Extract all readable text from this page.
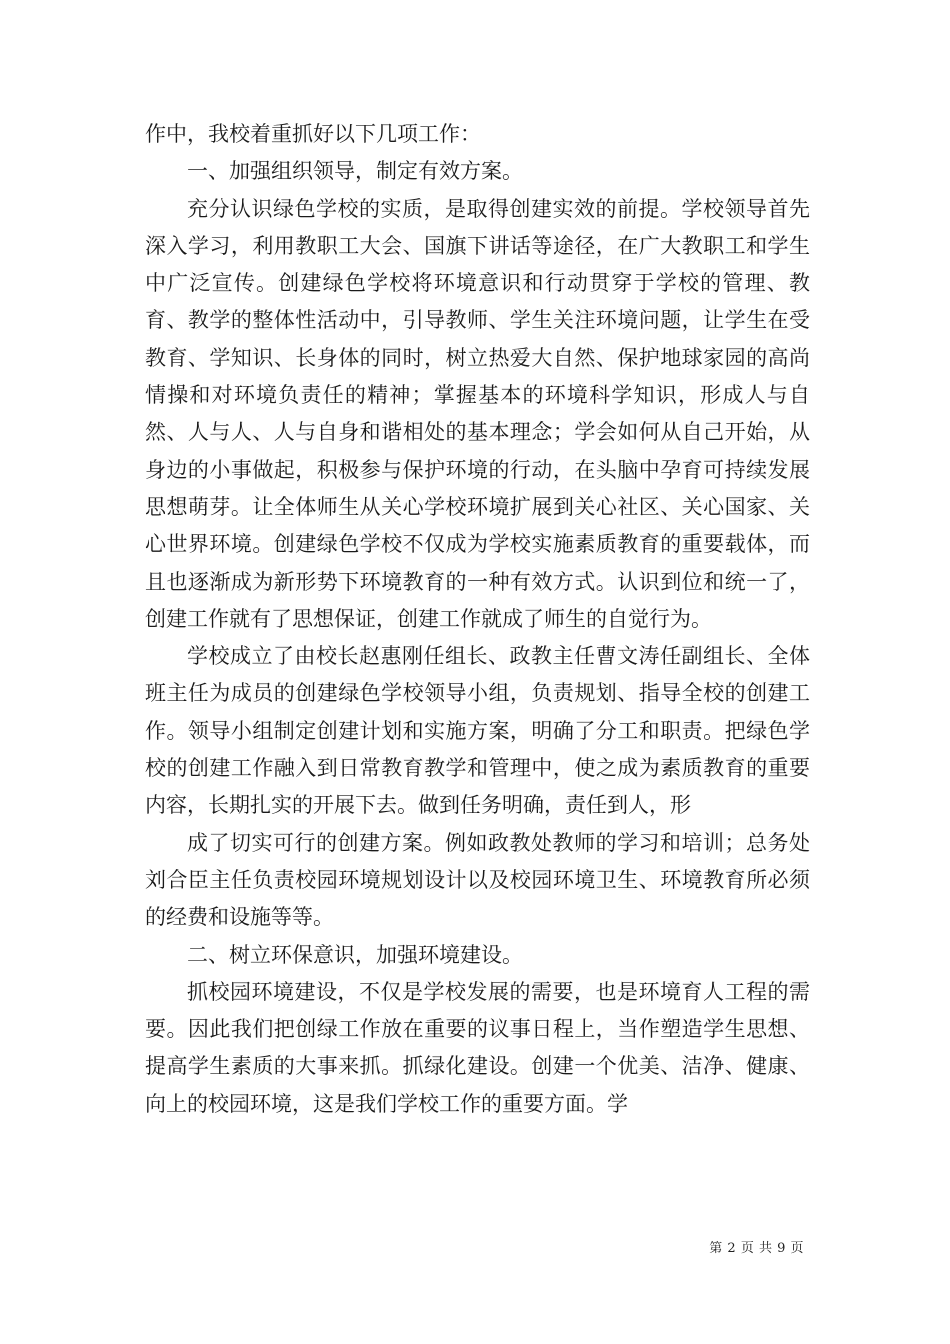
作中，我校着重抓好以下几项工作：

一、加强组织领导，制定有效方案。

充分认识绿色学校的实质，是取得创建实效的前提。学校领导首先深入学习，利用教职工大会、国旗下讲话等途径，在广大教职工和学生中广泛宣传。创建绿色学校将环境意识和行动贯穿于学校的管理、教育、教学的整体性活动中，引导教师、学生关注环境问题，让学生在受教育、学知识、长身体的同时，树立热爱大自然、保护地球家园的高尚情操和对环境负责任的精神；掌握基本的环境科学知识，形成人与自然、人与人、人与自身和谐相处的基本理念；学会如何从自己开始，从身边的小事做起，积极参与保护环境的行动，在头脑中孕育可持续发展思想萌芽。让全体师生从关心学校环境扩展到关心社区、关心国家、关心世界环境。创建绿色学校不仅成为学校实施素质教育的重要载体，而且也逐渐成为新形势下环境教育的一种有效方式。认识到位和统一了，创建工作就有了思想保证，创建工作就成了师生的自觉行为。

学校成立了由校长赵惠刚任组长、政教主任曹文涛任副组长、全体班主任为成员的创建绿色学校领导小组，负责规划、指导全校的创建工作。领导小组制定创建计划和实施方案，明确了分工和职责。把绿色学校的创建工作融入到日常教育教学和管理中，使之成为素质教育的重要内容，长期扎实的开展下去。做到任务明确，责任到人，形

成了切实可行的创建方案。例如政教处教师的学习和培训；总务处刘合臣主任负责校园环境规划设计以及校园环境卫生、环境教育所必须的经费和设施等等。

二、树立环保意识，加强环境建设。

抓校园环境建设，不仅是学校发展的需要，也是环境育人工程的需要。因此我们把创绿工作放在重要的议事日程上，当作塑造学生思想、提高学生素质的大事来抓。抓绿化建设。创建一个优美、洁净、健康、向上的校园环境，这是我们学校工作的重要方面。学

第 2 页 共 9 页
